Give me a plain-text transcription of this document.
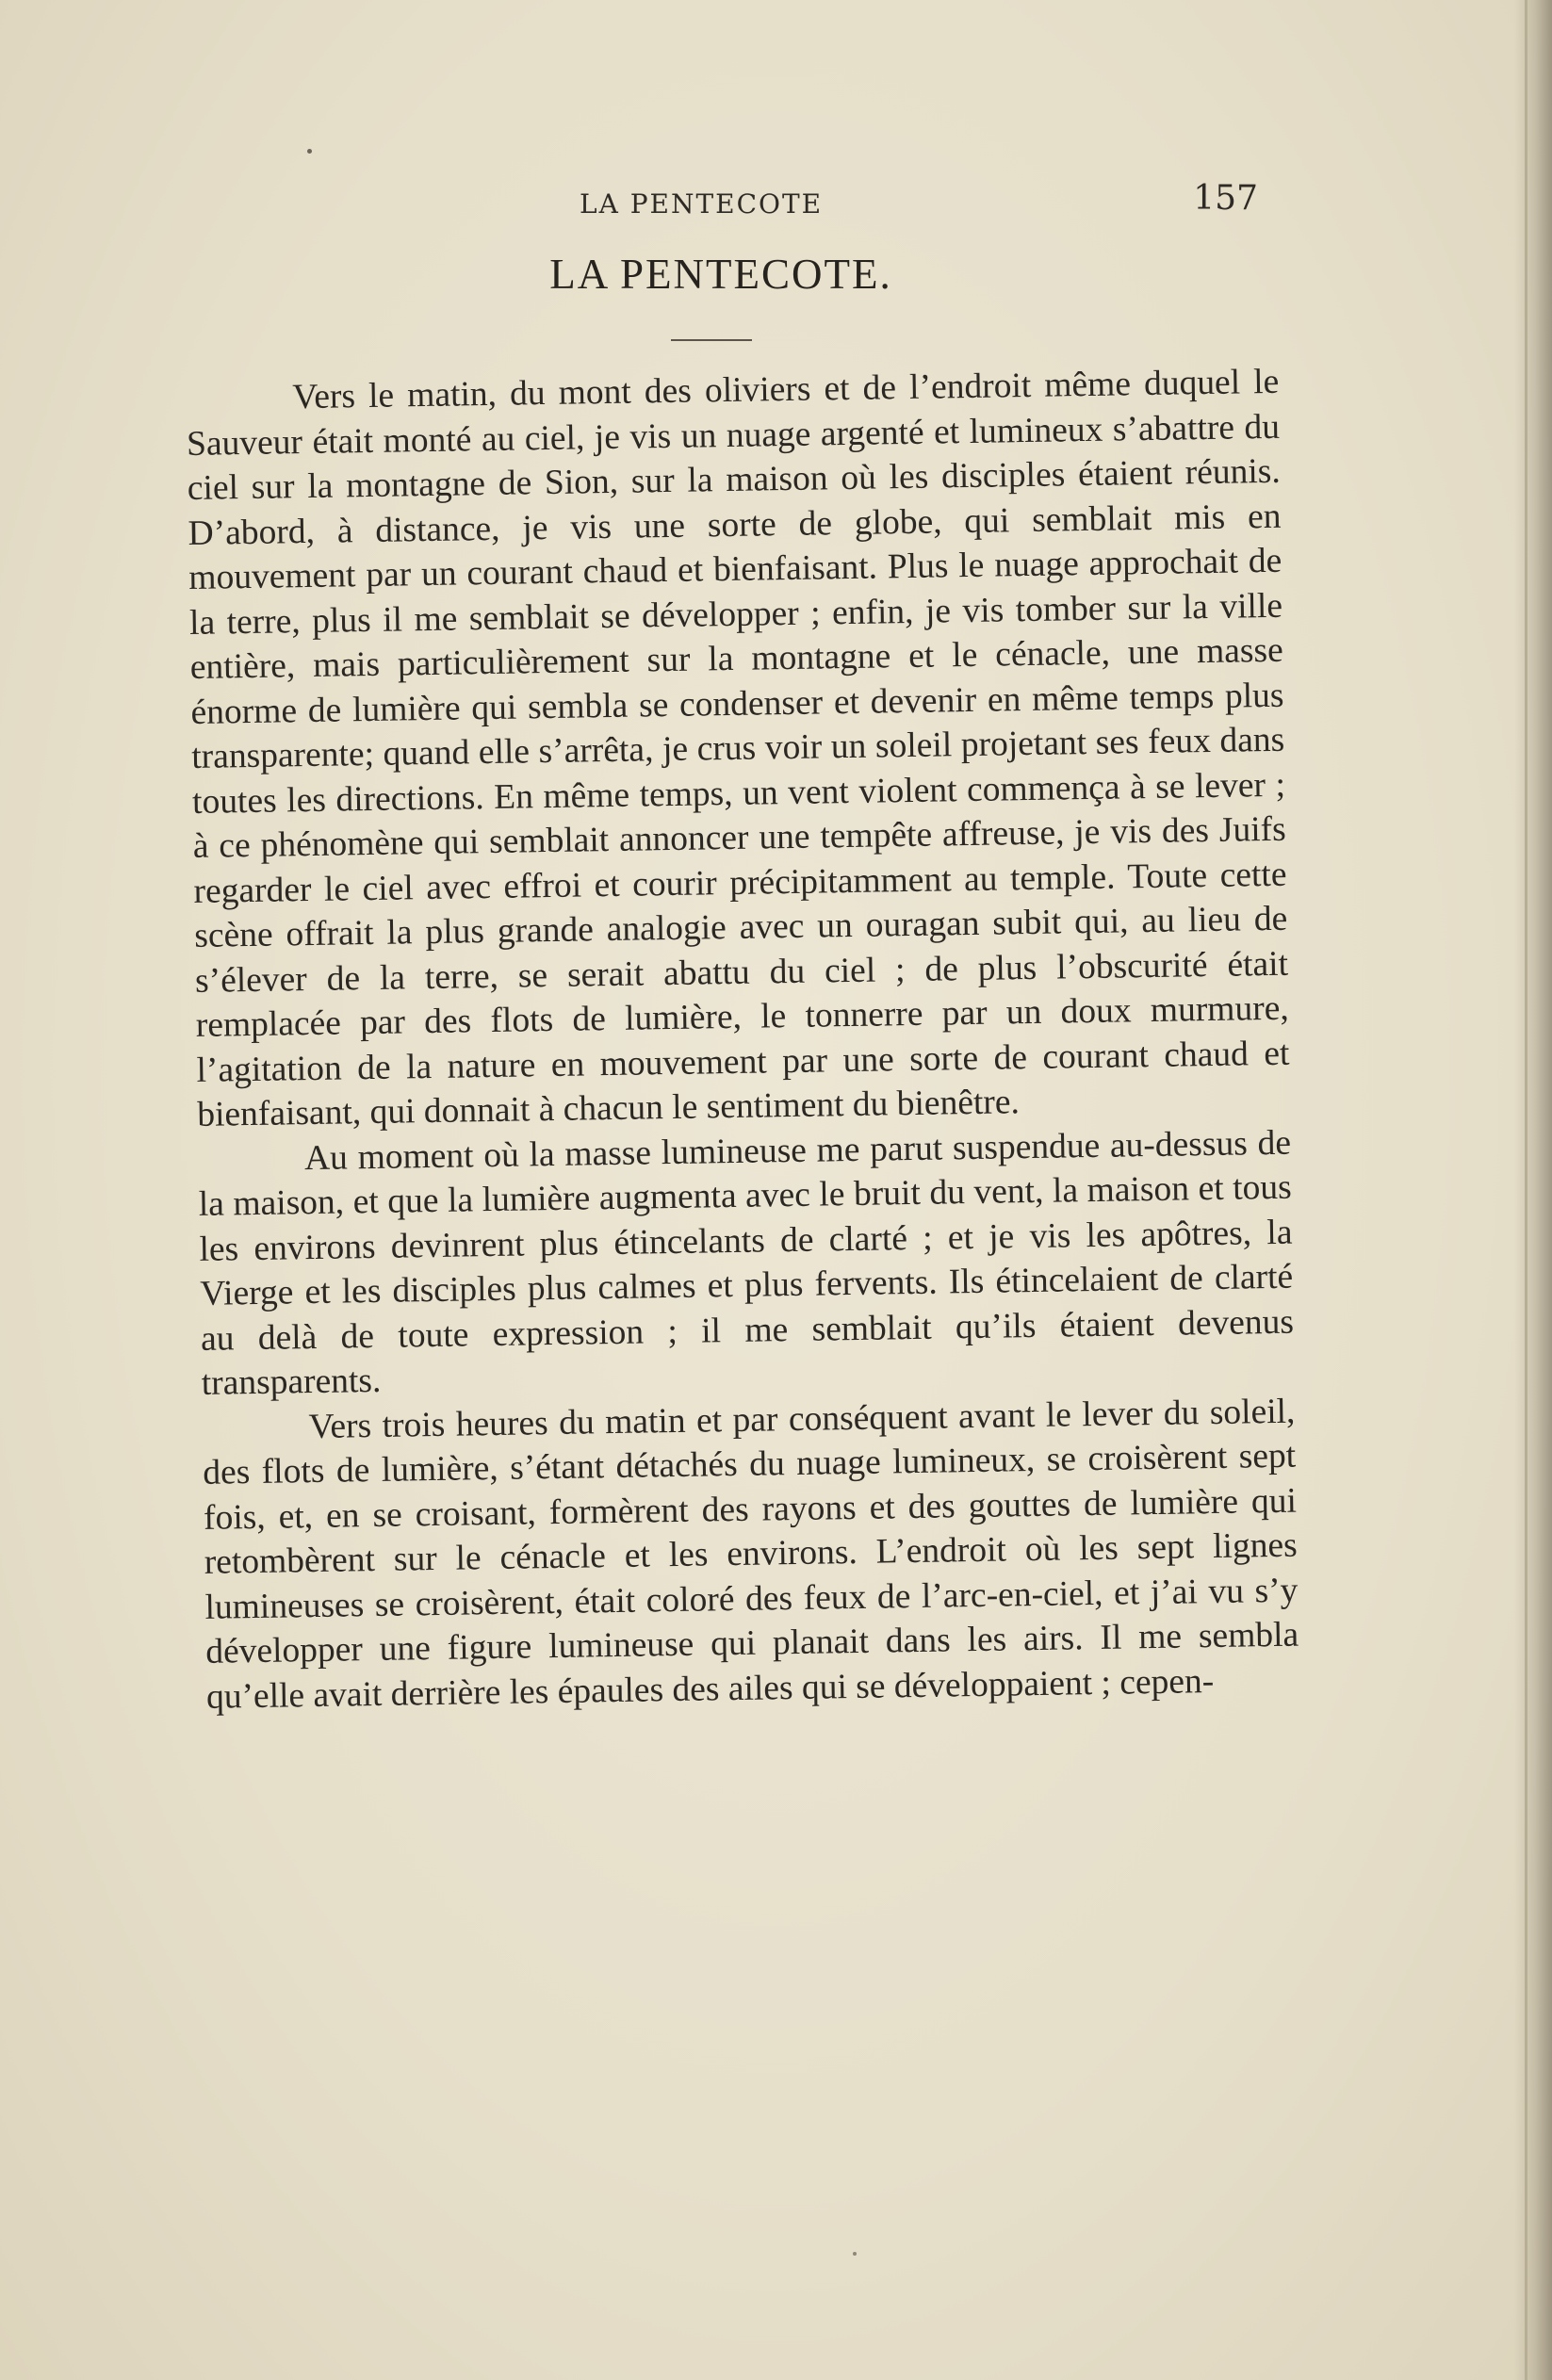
LA PENTECOTE	157
LA PENTECOTE.

Vers le matin, du mont des oliviers et de l’endroit même duquel le Sauveur était monté au ciel, je vis un nuage argenté et lumineux s’abattre du ciel sur la montagne de Sion, sur la maison où les disciples étaient réunis. D’abord, à distance, je vis une sorte de globe, qui semblait mis en mouvement par un courant chaud et bienfaisant. Plus le nuage approchait de la terre, plus il me semblait se développer ; enfin, je vis tomber sur la ville entière, mais particulièrement sur la montagne et le cénacle, une masse énorme de lumière qui sembla se condenser et devenir en même temps plus transparente; quand elle s’arrêta, je crus voir un soleil projetant ses feux dans toutes les directions. En même temps, un vent violent commença à se lever ; à ce phénomène qui semblait annoncer une tempête affreuse, je vis des Juifs regarder le ciel avec effroi et courir précipitamment au temple. Toute cette scène offrait la plus grande analogie avec un ouragan subit qui, au lieu de s’élever de la terre, se serait abattu du ciel ; de plus l’obscurité était remplacée par des flots de lumière, le tonnerre par un doux murmure, l’agitation de la nature en mouvement par une sorte de courant chaud et bienfaisant, qui donnait à chacun le sentiment du bienêtre.

Au moment où la masse lumineuse me parut suspendue au-dessus de la maison, et que la lumière augmenta avec le bruit du vent, la maison et tous les environs devinrent plus étincelants de clarté ; et je vis les apôtres, la Vierge et les disciples plus calmes et plus fervents. Ils étincelaient de clarté au delà de toute expression ; il me semblait qu’ils étaient devenus transparents.

Vers trois heures du matin et par conséquent avant le lever du soleil, des flots de lumière, s’étant détachés du nuage lumineux, se croisèrent sept fois, et, en se croisant, formèrent des rayons et des gouttes de lumière qui retombèrent sur le cénacle et les environs. L’endroit où les sept lignes lumineuses se croisèrent, était coloré des feux de l’arc-en-ciel, et j’ai vu s’y développer une figure lumineuse qui planait dans les airs. Il me sembla qu’elle avait derrière les épaules des ailes qui se développaient ; cepen-
